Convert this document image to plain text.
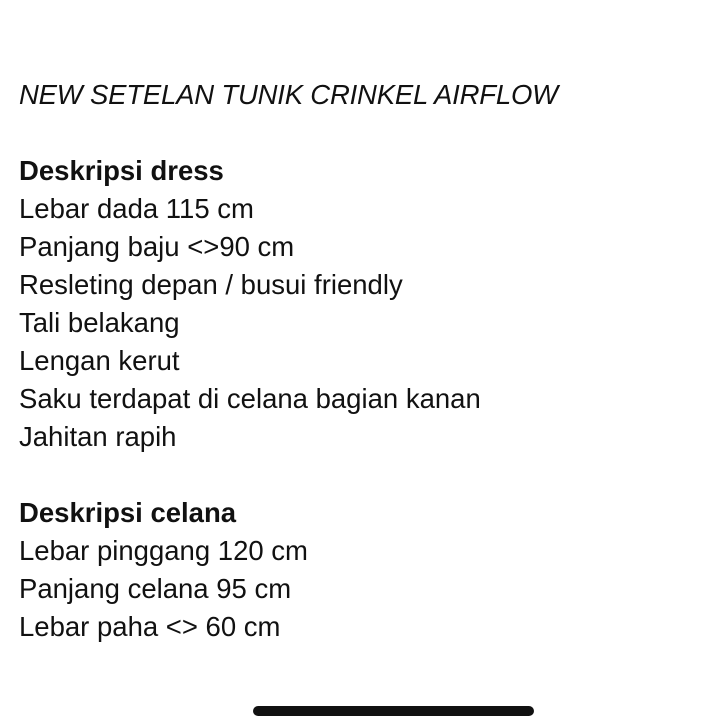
NEW SETELAN TUNIK CRINKEL AIRFLOW

Deskripsi dress

Lebar dada 115 cm

Panjang baju <>90 cm

Resleting depan / busui friendly

Tali belakang

Lengan kerut

Saku terdapat di celana bagian kanan

Jahitan rapih

Deskripsi celana

Lebar pinggang 120 cm

Panjang celana 95 cm

Lebar paha <> 60 cm
